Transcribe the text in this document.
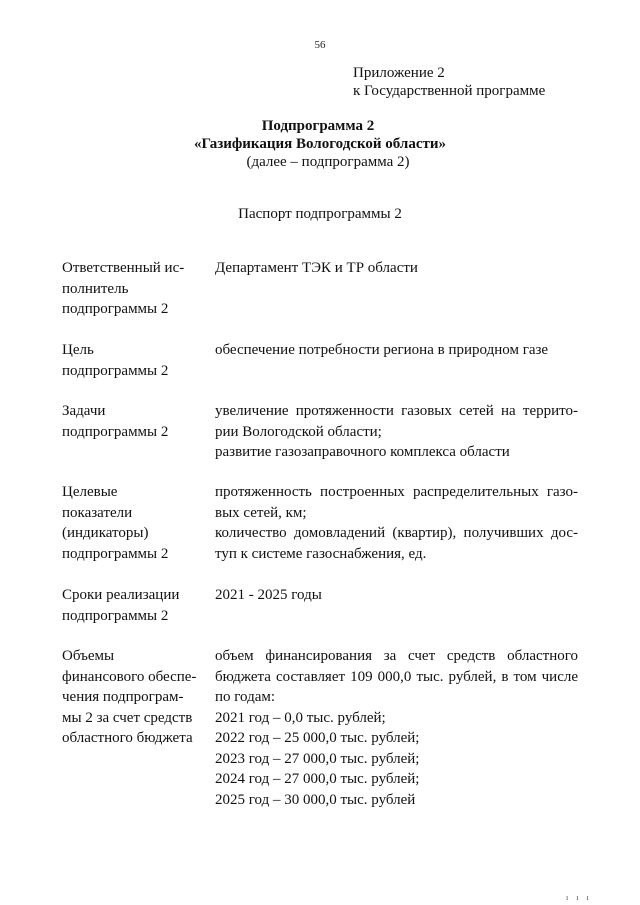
56
Приложение 2
к Государственной программе
Подпрограмма 2
«Газификация Вологодской области»
(далее – подпрограмма 2)
Паспорт подпрограммы 2
Ответственный ис-
полнитель
подпрограммы 2
Департамент ТЭК и ТР области
Цель
подпрограммы 2
обеспечение потребности региона в природном газе
Задачи
подпрограммы 2
увеличение протяженности газовых сетей на террито-
рии Вологодской области;
развитие газозаправочного комплекса области
Целевые
показатели
(индикаторы)
подпрограммы 2
протяженность построенных распределительных газо-
вых сетей, км;
количество домовладений (квартир), получивших дос-
туп к системе газоснабжения, ед.
Сроки реализации
подпрограммы 2
2021 - 2025 годы
Объемы
финансового обеспе-
чения подпрограм-
мы 2 за счет средств
областного бюджета
объем финансирования за счет средств областного
бюджета составляет 109 000,0 тыс. рублей, в том числе
по годам:
2021 год – 0,0 тыс. рублей;
2022 год – 25 000,0 тыс. рублей;
2023 год – 27 000,0 тыс. рублей;
2024 год – 27 000,0 тыс. рублей;
2025 год – 30 000,0 тыс. рублей
ı ı ı
